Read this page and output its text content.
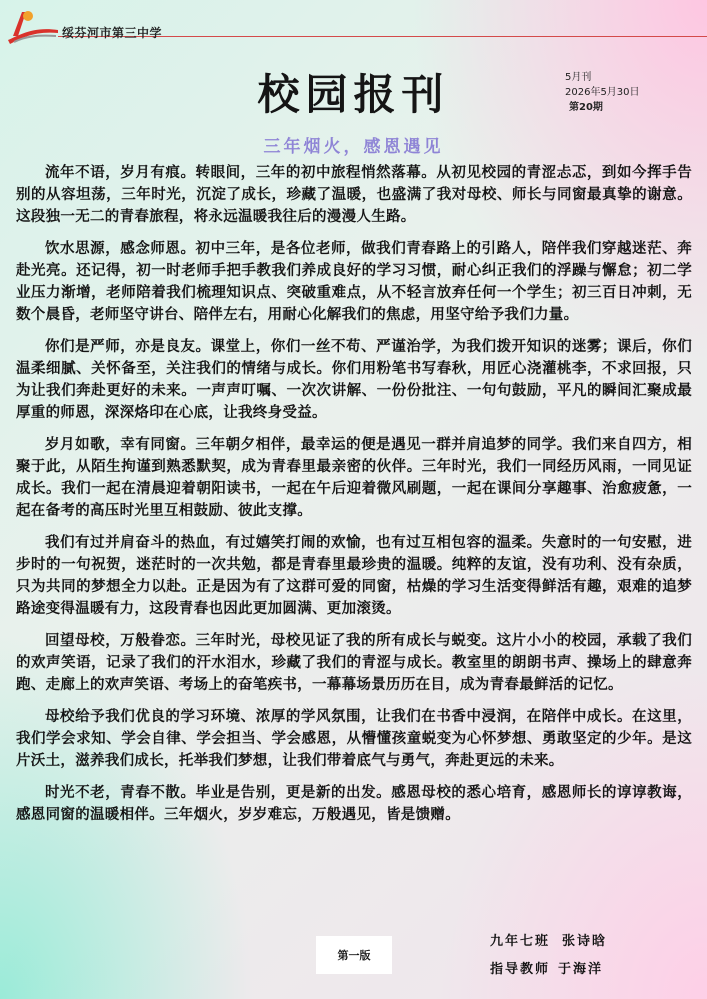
绥芬河市第三中学
校园报刊	5月刊
2026年5月30日
第20期
三年烟火，感恩遇见

流年不语，岁月有痕。转眼间，三年的初中旅程悄然落幕。从初见校园的青涩忐忑，到如今挥手告别的从容坦荡，三年时光，沉淀了成长，珍藏了温暖，也盛满了我对母校、师长与同窗最真挚的谢意。这段独一无二的青春旅程，将永远温暖我往后的漫漫人生路。

饮水思源，感念师恩。初中三年，是各位老师，做我们青春路上的引路人，陪伴我们穿越迷茫、奔赴光亮。还记得，初一时老师手把手教我们养成良好的学习习惯，耐心纠正我们的浮躁与懈怠；初二学业压力渐增，老师陪着我们梳理知识点、突破重难点，从不轻言放弃任何一个学生；初三百日冲刺，无数个晨昏，老师坚守讲台、陪伴左右，用耐心化解我们的焦虑，用坚守给予我们力量。

你们是严师，亦是良友。课堂上，你们一丝不苟、严谨治学，为我们拨开知识的迷雾；课后，你们温柔细腻、关怀备至，关注我们的情绪与成长。你们用粉笔书写春秋，用匠心浇灌桃李，不求回报，只为让我们奔赴更好的未来。一声声叮嘱、一次次讲解、一份份批注、一句句鼓励，平凡的瞬间汇聚成最厚重的师恩，深深烙印在心底，让我终身受益。

岁月如歌，幸有同窗。三年朝夕相伴，最幸运的便是遇见一群并肩追梦的同学。我们来自四方，相聚于此，从陌生拘谨到熟悉默契，成为青春里最亲密的伙伴。三年时光，我们一同经历风雨，一同见证成长。我们一起在清晨迎着朝阳读书，一起在午后迎着微风刷题，一起在课间分享趣事、治愈疲惫，一起在备考的高压时光里互相鼓励、彼此支撑。

我们有过并肩奋斗的热血，有过嬉笑打闹的欢愉，也有过互相包容的温柔。失意时的一句安慰，进步时的一句祝贺，迷茫时的一次共勉，都是青春里最珍贵的温暖。纯粹的友谊，没有功利、没有杂质，只为共同的梦想全力以赴。正是因为有了这群可爱的同窗，枯燥的学习生活变得鲜活有趣，艰难的追梦路途变得温暖有力，这段青春也因此更加圆满、更加滚烫。

回望母校，万般眷恋。三年时光，母校见证了我的所有成长与蜕变。这片小小的校园，承载了我们的欢声笑语，记录了我们的汗水泪水，珍藏了我们的青涩与成长。教室里的朗朗书声、操场上的肆意奔跑、走廊上的欢声笑语、考场上的奋笔疾书，一幕幕场景历历在目，成为青春最鲜活的记忆。

母校给予我们优良的学习环境、浓厚的学风氛围，让我们在书香中浸润，在陪伴中成长。在这里，我们学会求知、学会自律、学会担当、学会感恩，从懵懂孩童蜕变为心怀梦想、勇敢坚定的少年。是这片沃土，滋养我们成长，托举我们梦想，让我们带着底气与勇气，奔赴更远的未来。

时光不老，青春不散。毕业是告别，更是新的出发。感恩母校的悉心培育，感恩师长的谆谆教诲，感恩同窗的温暖相伴。三年烟火，岁岁难忘，万般遇见，皆是馈赠。

第一版
九年七班 张诗晗
指导教师 于海洋
